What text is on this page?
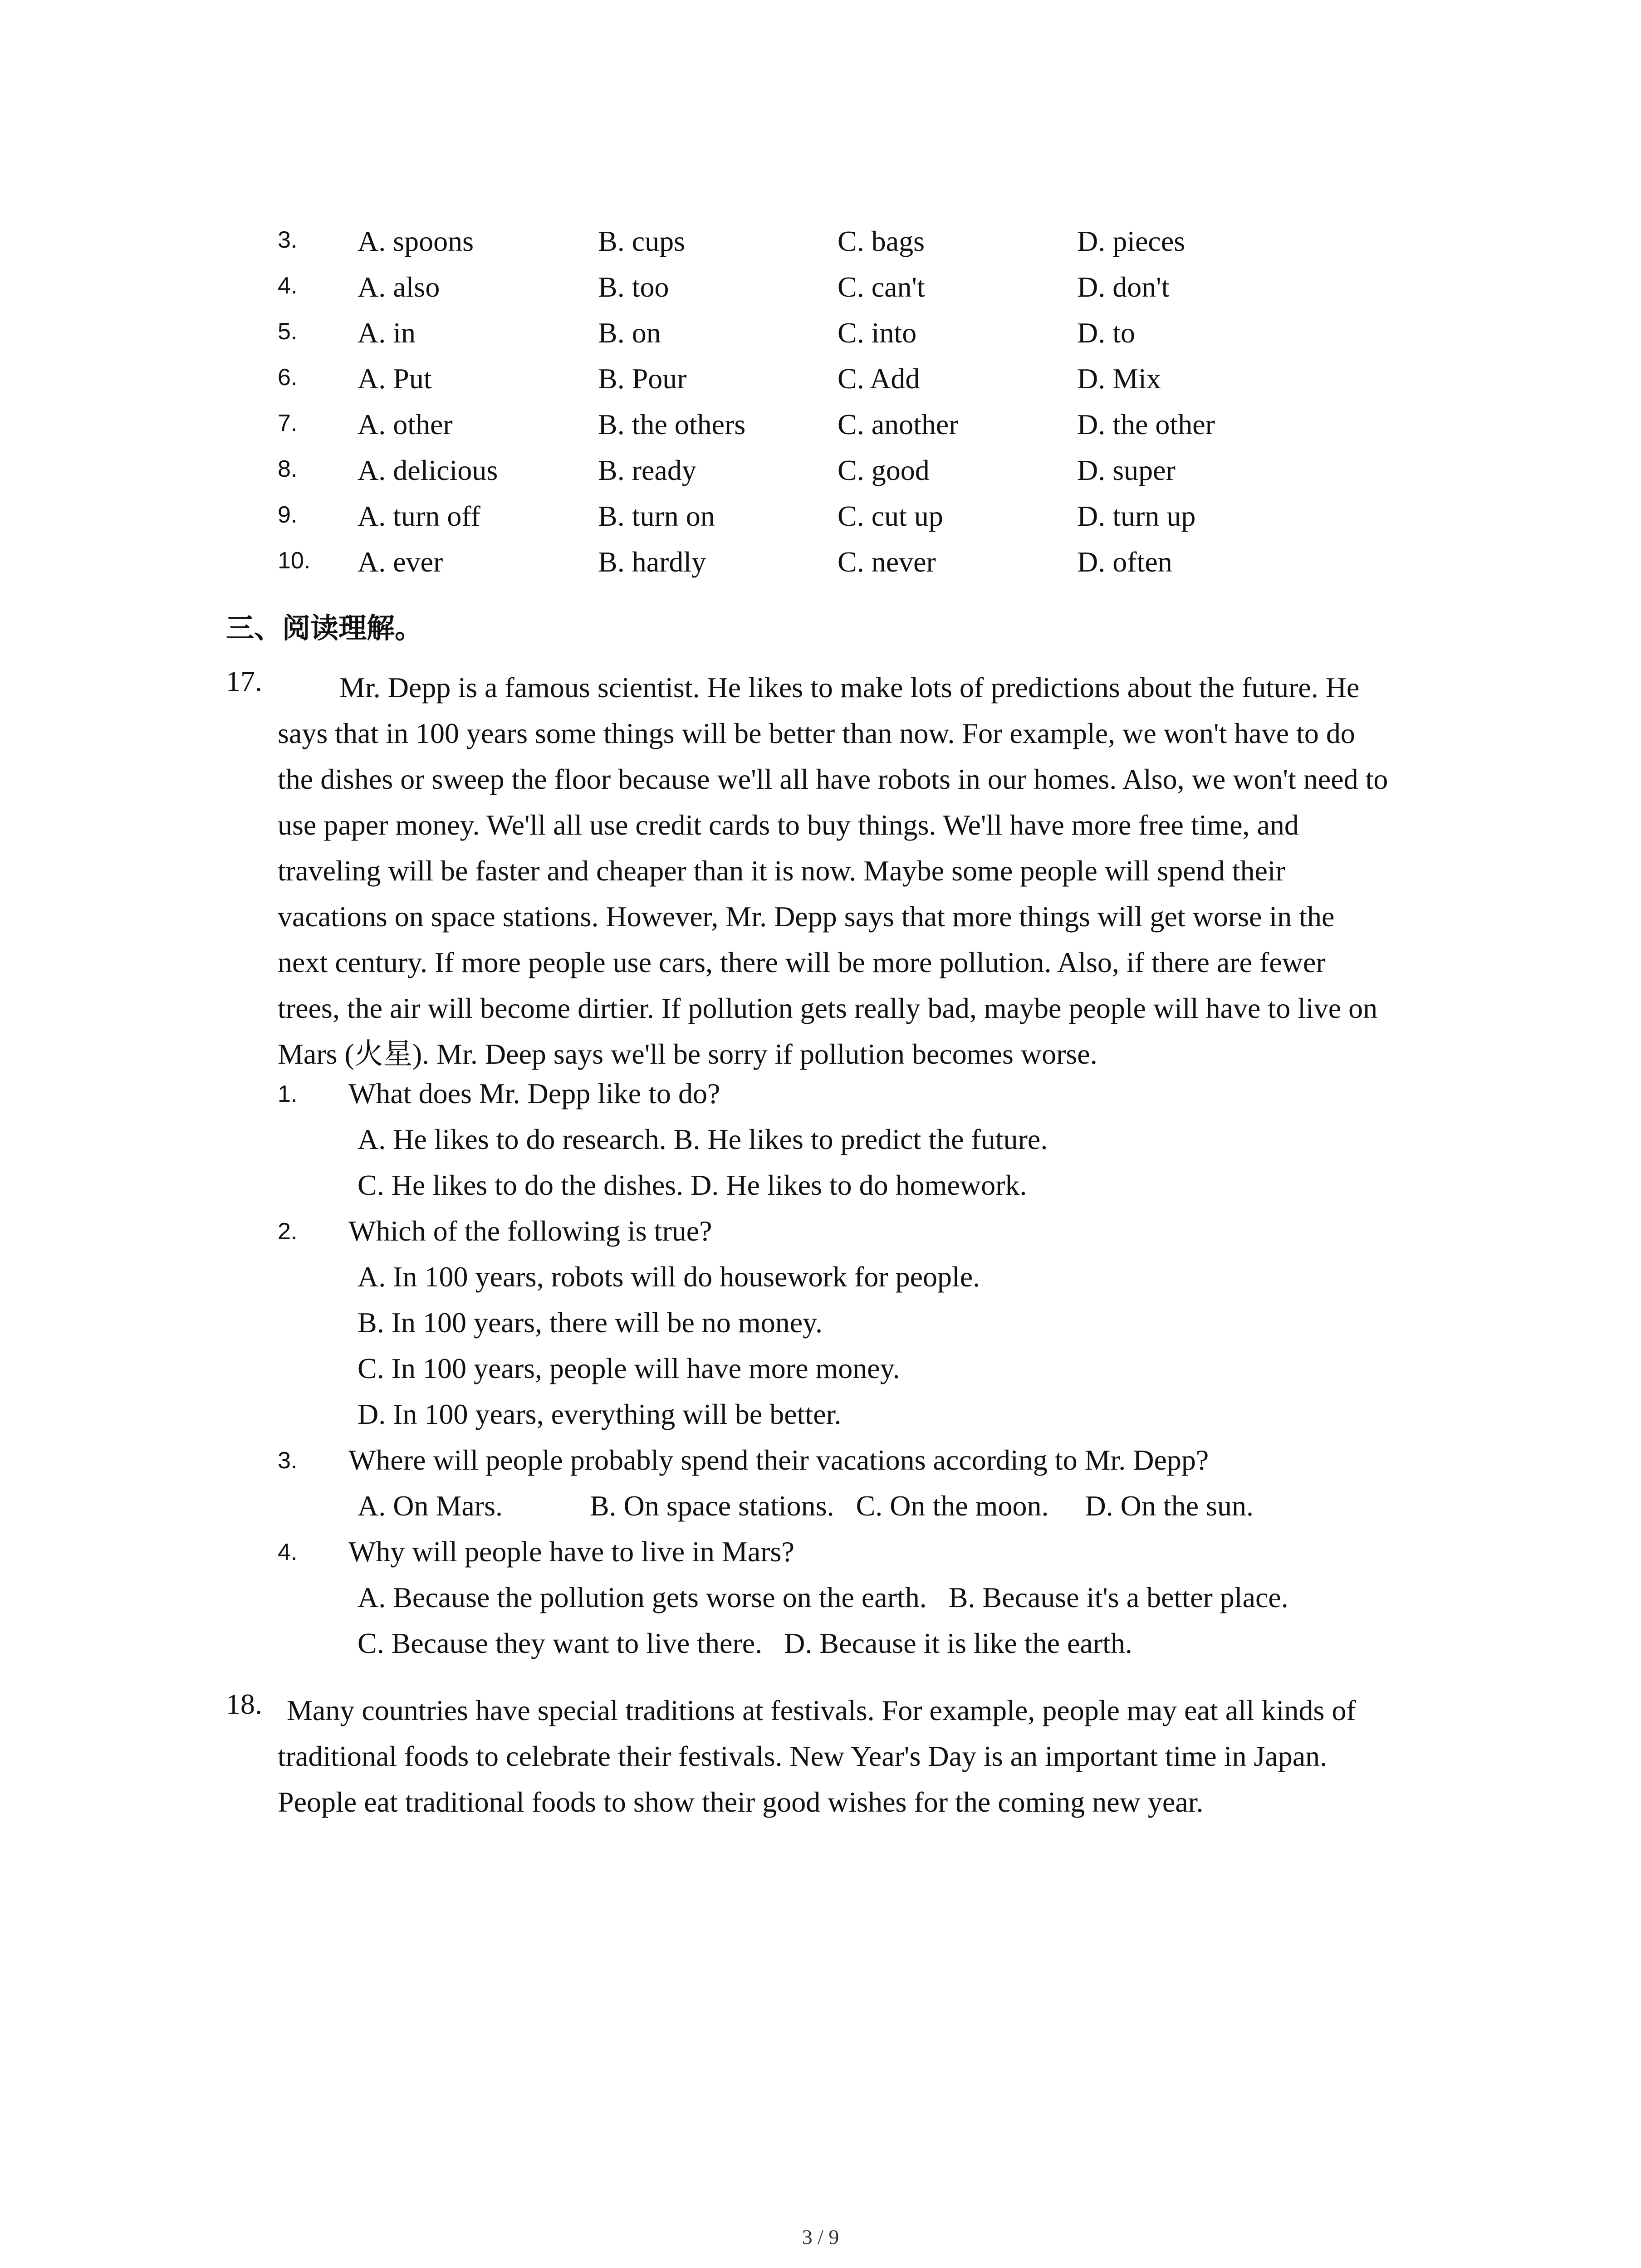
3. A. spoons	B. cups	C. bags	D. pieces
4. A. also	B. too	C. can't	D. don't
5. A. in	B. on	C. into	D. to
6. A. Put	B. Pour	C. Add	D. Mix
7. A. other	B. the others	C. another	D. the other
8. A. delicious	B. ready	C. good	D. super
9. A. turn off	B. turn on	C. cut up	D. turn up
10. A. ever	B. hardly	C. never	D. often
三、阅读理解。
17.	Mr. Depp is a famous scientist. He likes to make lots of predictions about the future. He
says that in 100 years some things will be better than now. For example, we won't have to do
the dishes or sweep the floor because we'll all have robots in our homes. Also, we won't need to
use paper money. We'll all use credit cards to buy things. We'll have more free time, and
traveling will be faster and cheaper than it is now. Maybe some people will spend their
vacations on space stations. However, Mr. Depp says that more things will get worse in the
next century. If more people use cars, there will be more pollution. Also, if there are fewer
trees, the air will become dirtier. If pollution gets really bad, maybe people will have to live on
Mars (火星). Mr. Deep says we'll be sorry if pollution becomes worse.
1. What does Mr. Depp like to do?
A. He likes to do research. B. He likes to predict the future.
C. He likes to do the dishes. D. He likes to do homework.
2. Which of the following is true?
A. In 100 years, robots will do housework for people.
B. In 100 years, there will be no money.
C. In 100 years, people will have more money.
D. In 100 years, everything will be better.
3. Where will people probably spend their vacations according to Mr. Depp?
A. On Mars.            B. On space stations.   C. On the moon.     D. On the sun.
4. Why will people have to live in Mars?
A. Because the pollution gets worse on the earth.   B. Because it's a better place.
C. Because they want to live there.   D. Because it is like the earth.
18. Many countries have special traditions at festivals. For example, people may eat all kinds of
traditional foods to celebrate their festivals. New Year's Day is an important time in Japan.
People eat traditional foods to show their good wishes for the coming new year.
3 / 9
